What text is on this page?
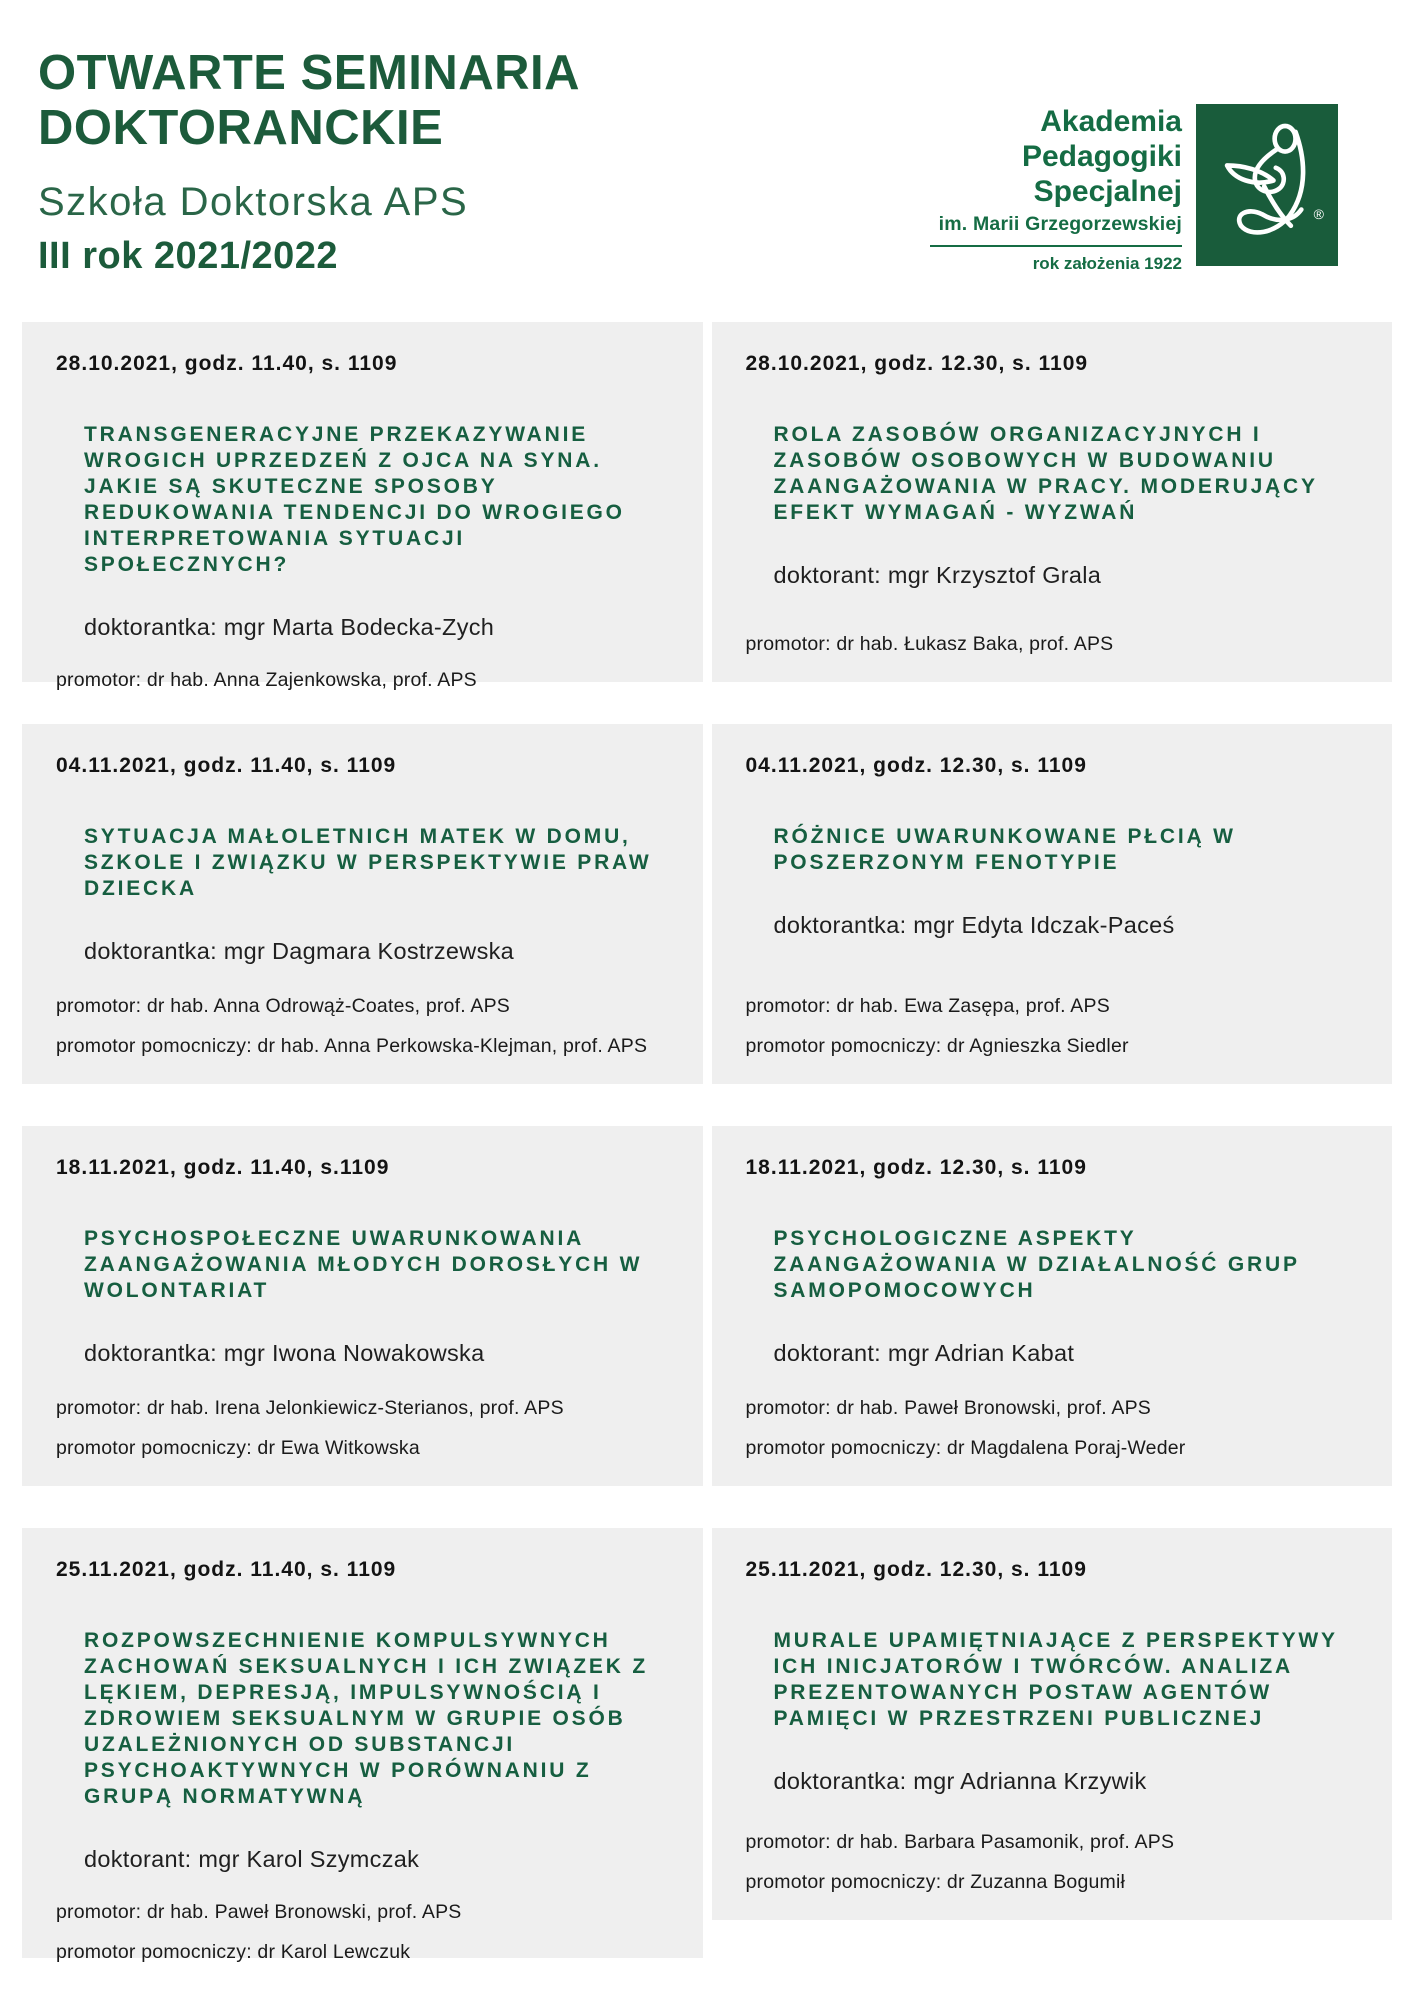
OTWARTE SEMINARIA DOKTORANCKIE

Szkoła Doktorska APS

III rok 2021/2022

Akademia
Pedagogiki
Specjalnej
im. Marii Grzegorzewskiej
rok założenia 1922
®
28.10.2021, godz. 11.40, s. 1109
TRANSGENERACYJNE PRZEKAZYWANIE WROGICH UPRZEDZEŃ Z OJCA NA SYNA. JAKIE SĄ SKUTECZNE SPOSOBY REDUKOWANIA TENDENCJI DO WROGIEGO INTERPRETOWANIA SYTUACJI SPOŁECZNYCH?
doktorantka: mgr Marta Bodecka-Zych
promotor: dr hab. Anna Zajenkowska, prof. APS
28.10.2021, godz. 12.30, s. 1109
ROLA ZASOBÓW ORGANIZACYJNYCH I ZASOBÓW OSOBOWYCH W BUDOWANIU ZAANGAŻOWANIA W PRACY. MODERUJĄCY EFEKT WYMAGAŃ - WYZWAŃ
doktorant: mgr Krzysztof Grala
promotor: dr hab. Łukasz Baka, prof. APS
04.11.2021, godz. 11.40, s. 1109
SYTUACJA MAŁOLETNICH MATEK W DOMU, SZKOLE I ZWIĄZKU W PERSPEKTYWIE PRAW DZIECKA
doktorantka: mgr Dagmara Kostrzewska
promotor: dr hab. Anna Odrowąż-Coates, prof. APS
promotor pomocniczy: dr hab. Anna Perkowska-Klejman, prof. APS
04.11.2021, godz. 12.30, s. 1109
RÓŻNICE UWARUNKOWANE PŁCIĄ W POSZERZONYM FENOTYPIE
doktorantka: mgr Edyta Idczak-Paceś
promotor: dr hab. Ewa Zasępa, prof. APS
promotor pomocniczy: dr Agnieszka Siedler
18.11.2021, godz. 11.40, s.1109
PSYCHOSPOŁECZNE UWARUNKOWANIA ZAANGAŻOWANIA MŁODYCH DOROSŁYCH W WOLONTARIAT
doktorantka: mgr Iwona Nowakowska
promotor: dr hab. Irena Jelonkiewicz-Sterianos, prof. APS
promotor pomocniczy: dr Ewa Witkowska
18.11.2021, godz. 12.30, s. 1109
PSYCHOLOGICZNE ASPEKTY ZAANGAŻOWANIA W DZIAŁALNOŚĆ GRUP SAMOPOMOCOWYCH
doktorant: mgr Adrian Kabat
promotor: dr hab. Paweł Bronowski, prof. APS
promotor pomocniczy: dr Magdalena Poraj-Weder
25.11.2021, godz. 11.40, s. 1109
ROZPOWSZECHNIENIE KOMPULSYWNYCH ZACHOWAŃ SEKSUALNYCH I ICH ZWIĄZEK Z LĘKIEM, DEPRESJĄ, IMPULSYWNOŚCIĄ I ZDROWIEM SEKSUALNYM W GRUPIE OSÓB UZALEŻNIONYCH OD SUBSTANCJI PSYCHOAKTYWNYCH W PORÓWNANIU Z GRUPĄ NORMATYWNĄ
doktorant: mgr Karol Szymczak
promotor: dr hab. Paweł Bronowski, prof. APS
promotor pomocniczy: dr Karol Lewczuk
25.11.2021, godz. 12.30, s. 1109
MURALE UPAMIĘTNIAJĄCE Z PERSPEKTYWY ICH INICJATORÓW I TWÓRCÓW. ANALIZA PREZENTOWANYCH POSTAW AGENTÓW PAMIĘCI W PRZESTRZENI PUBLICZNEJ
doktorantka: mgr Adrianna Krzywik
promotor: dr hab. Barbara Pasamonik, prof. APS
promotor pomocniczy: dr Zuzanna Bogumił
